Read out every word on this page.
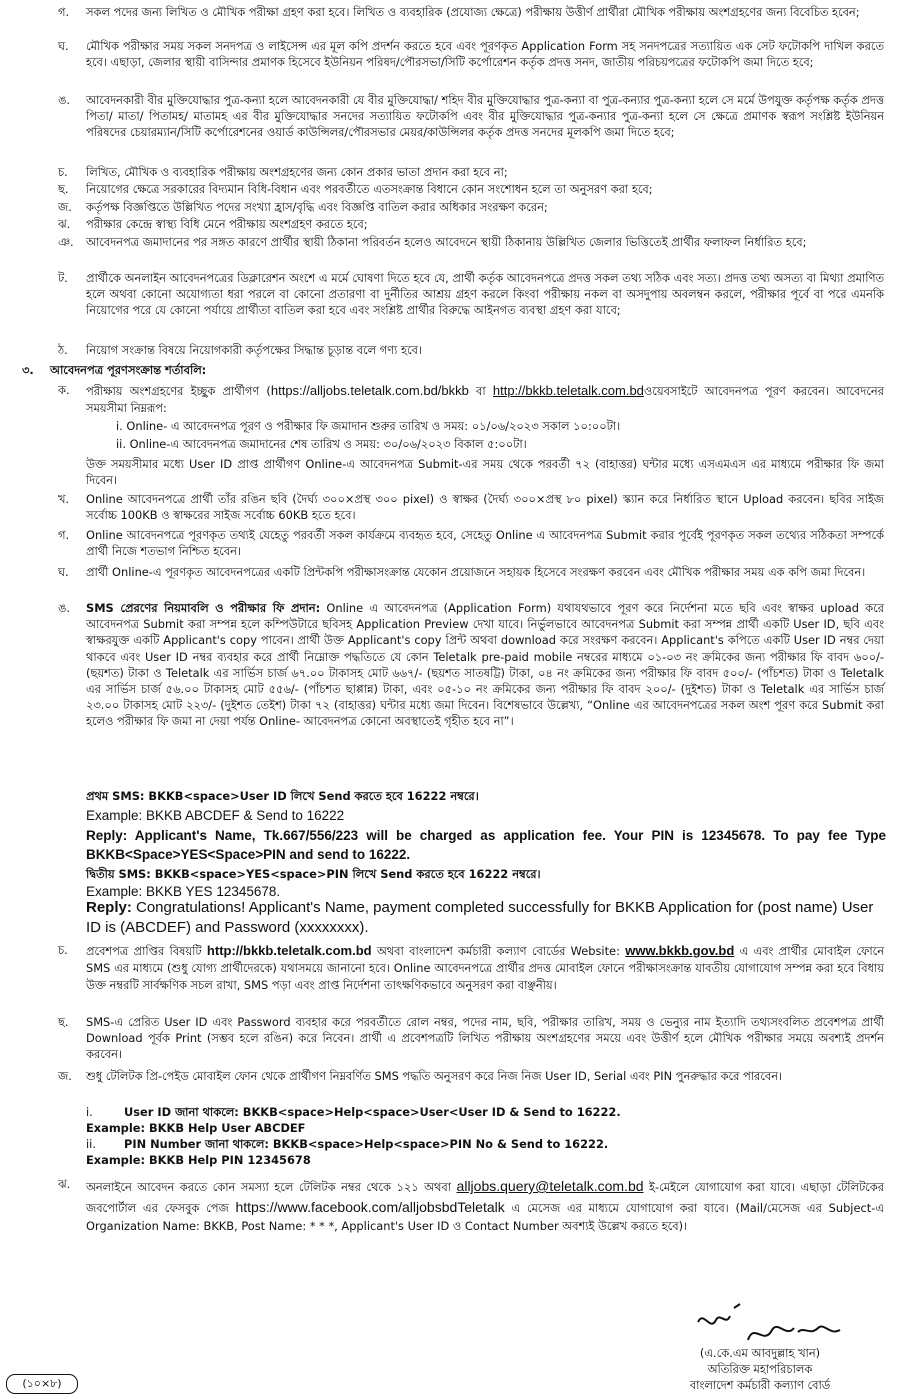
গ.	সকল পদের জন্য লিখিত ও মৌখিক পরীক্ষা গ্রহণ করা হবে। লিখিত ও ব্যবহারিক (প্রযোজ্য ক্ষেত্রে) পরীক্ষায় উত্তীর্ণ প্রার্থীরা মৌখিক পরীক্ষায় অংশগ্রহণের জন্য বিবেচিত হবেন;
ঘ.	মৌখিক পরীক্ষার সময় সকল সনদপত্র ও লাইসেন্স এর মূল কপি প্রদর্শন করতে হবে এবং পূরণকৃত Application Form সহ সনদপত্রের সত্যায়িত এক সেট ফটোকপি দাখিল করতে হবে। এছাড়া, জেলার স্থায়ী বাসিন্দার প্রমাণক হিসেবে ইউনিয়ন পরিষদ/পৌরসভা/সিটি কর্পোরেশন কর্তৃক প্রদত্ত সনদ, জাতীয় পরিচয়পত্রের ফটোকপি জমা দিতে হবে;
ঙ.	আবেদনকারী বীর মুক্তিযোদ্ধার পুত্র-কন্যা হলে আবেদনকারী যে বীর মুক্তিযোদ্ধা/ শহিদ বীর মুক্তিযোদ্ধার পুত্র-কন্যা বা পুত্র-কন্যার পুত্র-কন্যা হলে সে মর্মে উপযুক্ত কর্তৃপক্ষ কর্তৃক প্রদত্ত পিতা/ মাতা/ পিতামহ/ মাতামহ এর বীর মুক্তিযোদ্ধার সনদের সত্যায়িত ফটোকপি এবং বীর মুক্তিযোদ্ধার পুত্র-কন্যার পুত্র-কন্যা হলে সে ক্ষেত্রে প্রমাণক স্বরূপ সংশ্লিষ্ট ইউনিয়ন পরিষদের চেয়ারম্যান/সিটি কর্পোরেশনের ওয়ার্ড কাউন্সিলর/পৌরসভার মেয়র/কাউন্সিলর কর্তৃক প্রদত্ত সনদের মূলকপি জমা দিতে হবে;
চ.	লিখিত, মৌখিক ও ব্যবহারিক পরীক্ষায় অংশগ্রহণের জন্য কোন প্রকার ভাতা প্রদান করা হবে না;
ছ.	নিয়োগের ক্ষেত্রে সরকারের বিদ্যমান বিধি-বিধান এবং পরবর্তীতে এতসংক্রান্ত বিধানে কোন সংশোধন হলে তা অনুসরণ করা হবে;
জ.	কর্তৃপক্ষ বিজ্ঞপ্তিতে উল্লিখিত পদের সংখ্যা হ্রাস/বৃদ্ধি এবং বিজ্ঞপ্তি বাতিল করার অধিকার সংরক্ষণ করেন;
ঝ.	পরীক্ষার কেন্দ্রে স্বাস্থ্য বিধি মেনে পরীক্ষায় অংশগ্রহণ করতে হবে;
ঞ.	আবেদনপত্র জমাদানের পর সঙ্গত কারণে প্রার্থীর স্থায়ী ঠিকানা পরিবর্তন হলেও আবেদনে স্থায়ী ঠিকানায় উল্লিখিত জেলার ভিত্তিতেই প্রার্থীর ফলাফল নির্ধারিত হবে;
ট.	প্রার্থীকে অনলাইন আবেদনপত্রের ডিক্লারেশন অংশে এ মর্মে ঘোষণা দিতে হবে যে, প্রার্থী কর্তৃক আবেদনপত্রে প্রদত্ত সকল তথ্য সঠিক এবং সত্য। প্রদত্ত তথ্য অসত্য বা মিথ্যা প্রমাণিত হলে অথবা কোনো অযোগ্যতা ধরা পরলে বা কোনো প্রতারণা বা দুর্নীতির আশ্রয় গ্রহণ করলে কিংবা পরীক্ষায় নকল বা অসদুপায় অবলম্বন করলে, পরীক্ষার পূর্বে বা পরে এমনকি নিয়োগের পরে যে কোনো পর্যায়ে প্রার্থীতা বাতিল করা হবে এবং সংশ্লিষ্ট প্রার্থীর বিরুদ্ধে আইনগত ব্যবস্থা গ্রহণ করা যাবে;
ঠ.	নিয়োগ সংক্রান্ত বিষয়ে নিয়োগকারী কর্তৃপক্ষের সিদ্ধান্ত চূড়ান্ত বলে গণ্য হবে।
৩. আবেদনপত্র পূরণসংক্রান্ত শর্তাবলি:
ক.	পরীক্ষায় অংশগ্রহণের ইচ্ছুক প্রার্থীগণ (https://alljobs.teletalk.com.bd/bkkb বা http://bkkb.teletalk.com.bdওয়েবসাইটে আবেদনপত্র পূরণ করবেন। আবেদনের সময়সীমা নিম্নরূপ:
i. Online- এ আবেদনপত্র পূরণ ও পরীক্ষার ফি জমাদান শুরুর তারিখ ও সময়: ০১/০৬/২০২৩ সকাল ১০:০০টা।
ii. Online-এ আবেদনপত্র জমাদানের শেষ তারিখ ও সময়: ৩০/০৬/২০২৩ বিকাল ৫:০০টা।
উক্ত সময়সীমার মধ্যে User ID প্রাপ্ত প্রার্থীগণ Online-এ আবেদনপত্র Submit-এর সময় থেকে পরবর্তী ৭২ (বাহাত্তর) ঘন্টার মধ্যে এসএমএস এর মাধ্যমে পরীক্ষার ফি জমা দিবেন।
খ.	Online আবেদনপত্রে প্রার্থী তাঁর রঙিন ছবি (দৈর্ঘ্য ৩০০×প্রস্থ ৩০০ pixel) ও স্বাক্ষর (দৈর্ঘ্য ৩০০×প্রস্থ ৮০ pixel) স্ক্যান করে নির্ধারিত স্থানে Upload করবেন। ছবির সাইজ সর্বোচ্চ 100KB ও স্বাক্ষরের সাইজ সর্বোচ্চ 60KB হতে হবে।
গ.	Online আবেদনপত্রে পূরণকৃত তথ্যই যেহেতু পরবর্তী সকল কার্যক্রমে ব্যবহৃত হবে, সেহেতু Online এ আবেদনপত্র Submit করার পূর্বেই পূরণকৃত সকল তথ্যের সঠিকতা সম্পর্কে প্রার্থী নিজে শতভাগ নিশ্চিত হবেন।
ঘ.	প্রার্থী Online-এ পূরণকৃত আবেদনপত্রের একটি প্রিন্টকপি পরীক্ষাসংক্রান্ত যেকোন প্রয়োজনে সহায়ক হিসেবে সংরক্ষণ করবেন এবং মৌখিক পরীক্ষার সময় এক কপি জমা দিবেন।
ঙ.	SMS প্রেরণের নিয়মাবলি ও পরীক্ষার ফি প্রদান: Online এ আবেদনপত্র (Application Form) যথাযথভাবে পূরণ করে নির্দেশনা মতে ছবি এবং স্বাক্ষর upload করে আবেদনপত্র Submit করা সম্পন্ন হলে কম্পিউটারে ছবিসহ Application Preview দেখা যাবে। নির্ভুলভাবে আবেদনপত্র Submit করা সম্পন্ন প্রার্থী একটি User ID, ছবি এবং স্বাক্ষরযুক্ত একটি Applicant's copy পাবেন। প্রার্থী উক্ত Applicant's copy প্রিন্ট অথবা download করে সংরক্ষণ করবেন। Applicant's কপিতে একটি User ID নম্বর দেয়া থাকবে এবং User ID নম্বর ব্যবহার করে প্রার্থী নিম্নোক্ত পদ্ধতিতে যে কোন Teletalk pre-paid mobile নম্বরের মাধ্যমে ০১-০৩ নং ক্রমিকের জন্য পরীক্ষার ফি বাবদ ৬০০/-(ছয়শত) টাকা ও Teletalk এর সার্ভিস চার্জ ৬৭.০০ টাকাসহ মোট ৬৬৭/- (ছয়শত সাতষট্টি) টাকা, ০৪ নং ক্রমিকের জন্য পরীক্ষার ফি বাবদ ৫০০/- (পাঁচশত) টাকা ও Teletalk এর সার্ভিস চার্জ ৫৬.০০ টাকাসহ মোট ৫৫৬/- (পাঁচশত ছাপ্পান্ন) টাকা, এবং ০৫-১০ নং ক্রমিকের জন্য পরীক্ষার ফি বাবদ ২০০/- (দুইশত) টাকা ও Teletalk এর সার্ভিস চার্জ ২৩.০০ টাকাসহ মোট ২২৩/- (দুইশত তেইশ) টাকা ৭২ (বাহাত্তর) ঘন্টার মধ্যে জমা দিবেন। বিশেষভাবে উল্লেখ্য, “Online এর আবেদনপত্রের সকল অংশ পূরণ করে Submit করা হলেও পরীক্ষার ফি জমা না দেয়া পর্যন্ত Online- আবেদনপত্র কোনো অবস্থাতেই গৃহীত হবে না”।
প্রথম SMS: BKKB<space>User ID লিখে Send করতে হবে 16222 নম্বরে।
Example: BKKB ABCDEF & Send to 16222
Reply: Applicant's Name, Tk.667/556/223 will be charged as application fee. Your PIN is 12345678. To pay fee Type BKKB<Space>YES<Space>PIN and send to 16222.
দ্বিতীয় SMS: BKKB<space>YES<space>PIN লিখে Send করতে হবে 16222 নম্বরে।
Example: BKKB YES 12345678.
Reply: Congratulations! Applicant's Name, payment completed successfully for BKKB Application for (post name) User ID is (ABCDEF) and Password (xxxxxxxx).
চ.	প্রবেশপত্র প্রাপ্তির বিষয়টি http://bkkb.teletalk.com.bd অথবা বাংলাদেশ কর্মচারী কল্যাণ বোর্ডের Website: www.bkkb.gov.bd এ এবং প্রার্থীর মোবাইল ফোনে SMS এর মাধ্যমে (শুধু যোগ্য প্রার্থীদেরকে) যথাসময়ে জানানো হবে। Online আবেদনপত্রে প্রার্থীর প্রদত্ত মোবাইল ফোনে পরীক্ষাসংক্রান্ত যাবতীয় যোগাযোগ সম্পন্ন করা হবে বিধায় উক্ত নম্বরটি সার্বক্ষণিক সচল রাখা, SMS পড়া এবং প্রাপ্ত নির্দেশনা তাৎক্ষণিকভাবে অনুসরণ করা বাঞ্ছনীয়।
ছ.	SMS-এ প্রেরিত User ID এবং Password ব্যবহার করে পরবর্তীতে রোল নম্বর, পদের নাম, ছবি, পরীক্ষার তারিখ, সময় ও ভেন্যুর নাম ইত্যাদি তথ্যসংবলিত প্রবেশপত্র প্রার্থী Download পূর্বক Print (সম্ভব হলে রঙিন) করে নিবেন। প্রার্থী এ প্রবেশপত্রটি লিখিত পরীক্ষায় অংশগ্রহণের সময়ে এবং উত্তীর্ণ হলে মৌখিক পরীক্ষার সময়ে অবশ্যই প্রদর্শন করবেন।
জ.	শুধু টেলিটক প্রি-পেইড মোবাইল ফোন থেকে প্রার্থীগণ নিম্নবর্ণিত SMS পদ্ধতি অনুসরণ করে নিজ নিজ User ID, Serial এবং PIN পুনরুদ্ধার করে পারবেন।
i.	User ID জানা থাকলে: BKKB<space>Help<space>User<User ID & Send to 16222.
Example: BKKB Help User ABCDEF
ii. PIN Number জানা থাকলে: BKKB<space>Help<space>PIN No & Send to 16222.
Example: BKKB Help PIN 12345678
ঝ.	অনলাইনে আবেদন করতে কোন সমস্যা হলে টেলিটক নম্বর থেকে ১২১ অথবা alljobs.query@teletalk.com.bd ই-মেইলে যোগাযোগ করা যাবে। এছাড়া টেলিটকের জবপোর্টাল এর ফেসবুক পেজ https://www.facebook.com/alljobsbdTeletalk এ মেসেজ এর মাধ্যমে যোগাযোগ করা যাবে। (Mail/মেসেজ এর Subject-এ Organization Name: BKKB, Post Name: * * *, Applicant's User ID ও Contact Number অবশ্যই উল্লেখ করতে হবে)।
(এ.কে.এম আবদুল্লাহ খান)
অতিরিক্ত মহাপরিচালক
বাংলাদেশ কর্মচারী কল্যাণ বোর্ড
(১০×৮)
